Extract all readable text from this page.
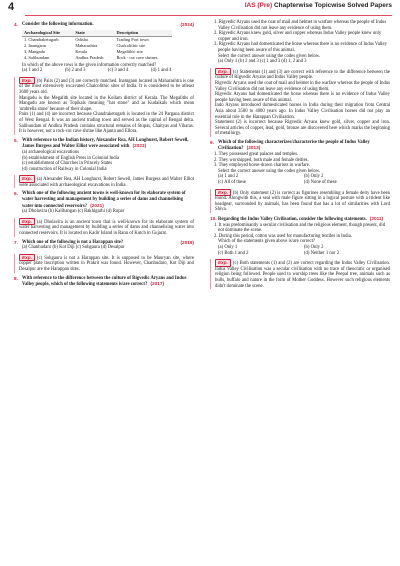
4	IAS (Pre) Chapterwise Topicwise Solved Papers
4. Consider the following information.	(2024)
Archaeological Site	State	Description
1. Chandraketugarh	Odisha	Trading Port town
2. Inamgaon	Maharashtra	Chalcolithic site
3. Mangadu	Kerala	Megalithic site
4. Salihundam	Andhra Pradesh	Rock - cut cave shrines
In which of the above rows is the given information correctly matched?
(a) 1 and 2	(b) 2 and 3	(c) 3 and 4	(d) 1 and 4
Exp. (b) Pairs (2) and (3) are correctly matched. Inamgaon located in Maharashtra is one of the most extensively excavated Chalcolithic sites of India. It is considered to be atleast 3600 years old.
Mangadu is the Megalith site located in the Kollam district of Kerala. The Megaliths of Mangadu are known as Topikals meaning "hat stone" and as Kudaikals which mean 'umbrella stone' because of their shape.
Pairs (1) and (4) are incorrect because Chandraketugarh is located in the 24 Pargana district of West Bengal. It was an ancient trading town and served as the capital of Bengal delta. Salihundam of Andhra Pradesh contains structural remains of Stupas, Chaityas and Viharas. It is however, not a rock-cut cave shrine like Ajanta and Ellora.
5. With reference to the Indian history, Alexander Rea, AH Longhurst, Robert Sewell, James Burgess and Walter Elliot were associated with (2023)
(a) archaeological excavations
(b) establishment of English Press in Colonial India
(c) establishment of Churches in Princely States
(d) construction of Railway in Colonial India
Exp. (a) Alexander Rea, AH Longhurst, Robert Sewell, James Burgess and Walter Elliot were associated with archaeological excavations in India.
6. Which one of the following ancient towns is well-known for its elaborate system of water harvesting and management by building a series of dams and channelising water into connected reservoirs? (2021)
(a) Dholavira (b) Kalibangan (c) Rakhigarhi (d) Ropar
Exp. (a) Dholavira is an ancient town that is well-known for its elaborate system of water harvesting and management by building a series of dams and channelising water into connected reservoirs. It is located on Kadir Island in Rann of Kutch in Gujarat.
7. Which one of the following is not a Harappan site?	(2019)
(a) Chanhudaro (b) Kot Diji (c) Sohgaura (d) Desalpur
Exp. (c) Sohgaura is not a Harappan site. It is supposed to be Mauryan site, where copper plate inscription written in Prakrit was found. However, Chanhudaro, Kot Diji and Desalpur are the Harappan sites.
8. With reference to the difference between the culture of Rigvedic Aryans and Indus Valley people, which of the following statements is/are correct? (2017)
1. Rigvedic Aryans used the coat of mail and helmet in warfare whereas the people of Indus Valley Civilisation did not leave any evidence of using them.
2. Rigvedic Aryans knew gold, silver and copper whereas Indus Valley people knew only copper and iron.
3. Rigvedic Aryans had domesticated the horse whereas there is no evidence of Indus Valley people having been aware of this animal.
Select the correct answer using the codes given below.
(a) Only 1 (b) 2 and 3 (c) 1 and 3 (d) 1, 2 and 3
Exp. (c) Statements (1) and (3) are correct with reference to the difference between the culture of Rigvedic Aryans and Indus Valley people.
Rigvedic Aryans used the coat of mail and helmet in the warfare whereas the people of Indus Valley Civilisation did not leave any evidence of using them.
Rigvedic Aryans had domesticated the horse whereas there is no evidence of Indus Valley people having been aware of this animal.
Indo Aryans introduced domesticated horses in India during their migration from Central Asia about 3500 to 4000 years ago. In Indus Valley Civilisation horses did not play an essential role in the Harappan Civilisation.
Statement (2) is incorrect because Rigvedic Aryans knew gold, silver, copper and iron. Several articles of copper, lead, gold, bronze are discovered here which marks the beginning of metallurgy.
9. Which of the following characterizes/characterise the people of Indus Valley Civilization? (2013)
1. They possessed great palaces and temples.
2. They worshipped, both male and female deities.
3. They employed horse-drawn chariots in warfare.
Select the correct answer using the codes given below.
(a) 1 and 2	(b) Only 2
(c) All of these	(d) None of these
Exp. (b) Only statement (2) is correct as figurines resembling a female deity have been found. Alongwith this, a seal with male figure sitting in a logical posture with a trident like headgear, surrounded by animals, has been found that has a lot of similarities with Lord Shiva.
10. Regarding the Indus Valley Civilisation, consider the following statements. (2011)
1. It was predominantly a secular civilisation and the religious element, though present, did not dominate the scene.
2. During this period, cotton was used for manufacturing textiles in India.
Which of the statements given above is/are correct?
(a) Only 1	(b) Only 2
(c) Both 1 and 2	(d) Neither 1 nor 2
Exp. (c) Both statements (1) and (2) are correct regarding the Indus Valley Civilisation. Indus Valley Civilisation was a secular civilisation with no trace of theocratic or organised religion being followed. People used to worship trees like the Peepal tree, animals such as bulls, buffalo and nature in the form of Mother Goddess. However such religious elements didn't dominate the scene.
